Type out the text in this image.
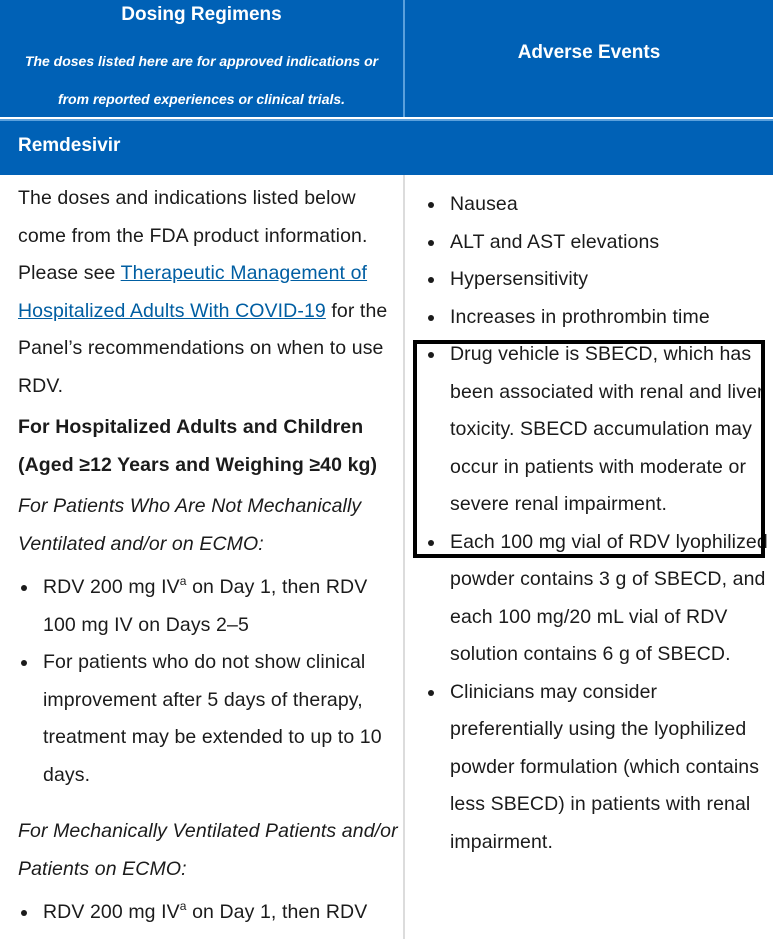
Dosing Regimens
The doses listed here are for approved indications or
from reported experiences or clinical trials.
Adverse Events
Remdesivir

The doses and indications listed below come from the FDA product information. Please see Therapeutic Management of Hospitalized Adults With COVID-19 for the Panel’s recommendations on when to use RDV.

For Hospitalized Adults and Children (Aged ≥12 Years and Weighing ≥40 kg)

For Patients Who Are Not Mechanically Ventilated and/or on ECMO:

RDV 200 mg $IV^a$ on Day 1, then RDV 100 mg IV on Days 2–5
For patients who do not show clinical improvement after 5 days of therapy, treatment may be extended to up to 10 days.

For Mechanically Ventilated Patients and/or Patients on ECMO:

RDV 200 mg $IV^a$ on Day 1, then RDV
Nausea
ALT and AST elevations
Hypersensitivity
Increases in prothrombin time
Drug vehicle is SBECD, which has been associated with renal and liver toxicity. SBECD accumulation may occur in patients with moderate or severe renal impairment.
Each 100 mg vial of RDV lyophilized powder contains 3 g of SBECD, and each 100 mg/20 mL vial of RDV solution contains 6 g of SBECD.
Clinicians may consider preferentially using the lyophilized powder formulation (which contains less SBECD) in patients with renal impairment.
